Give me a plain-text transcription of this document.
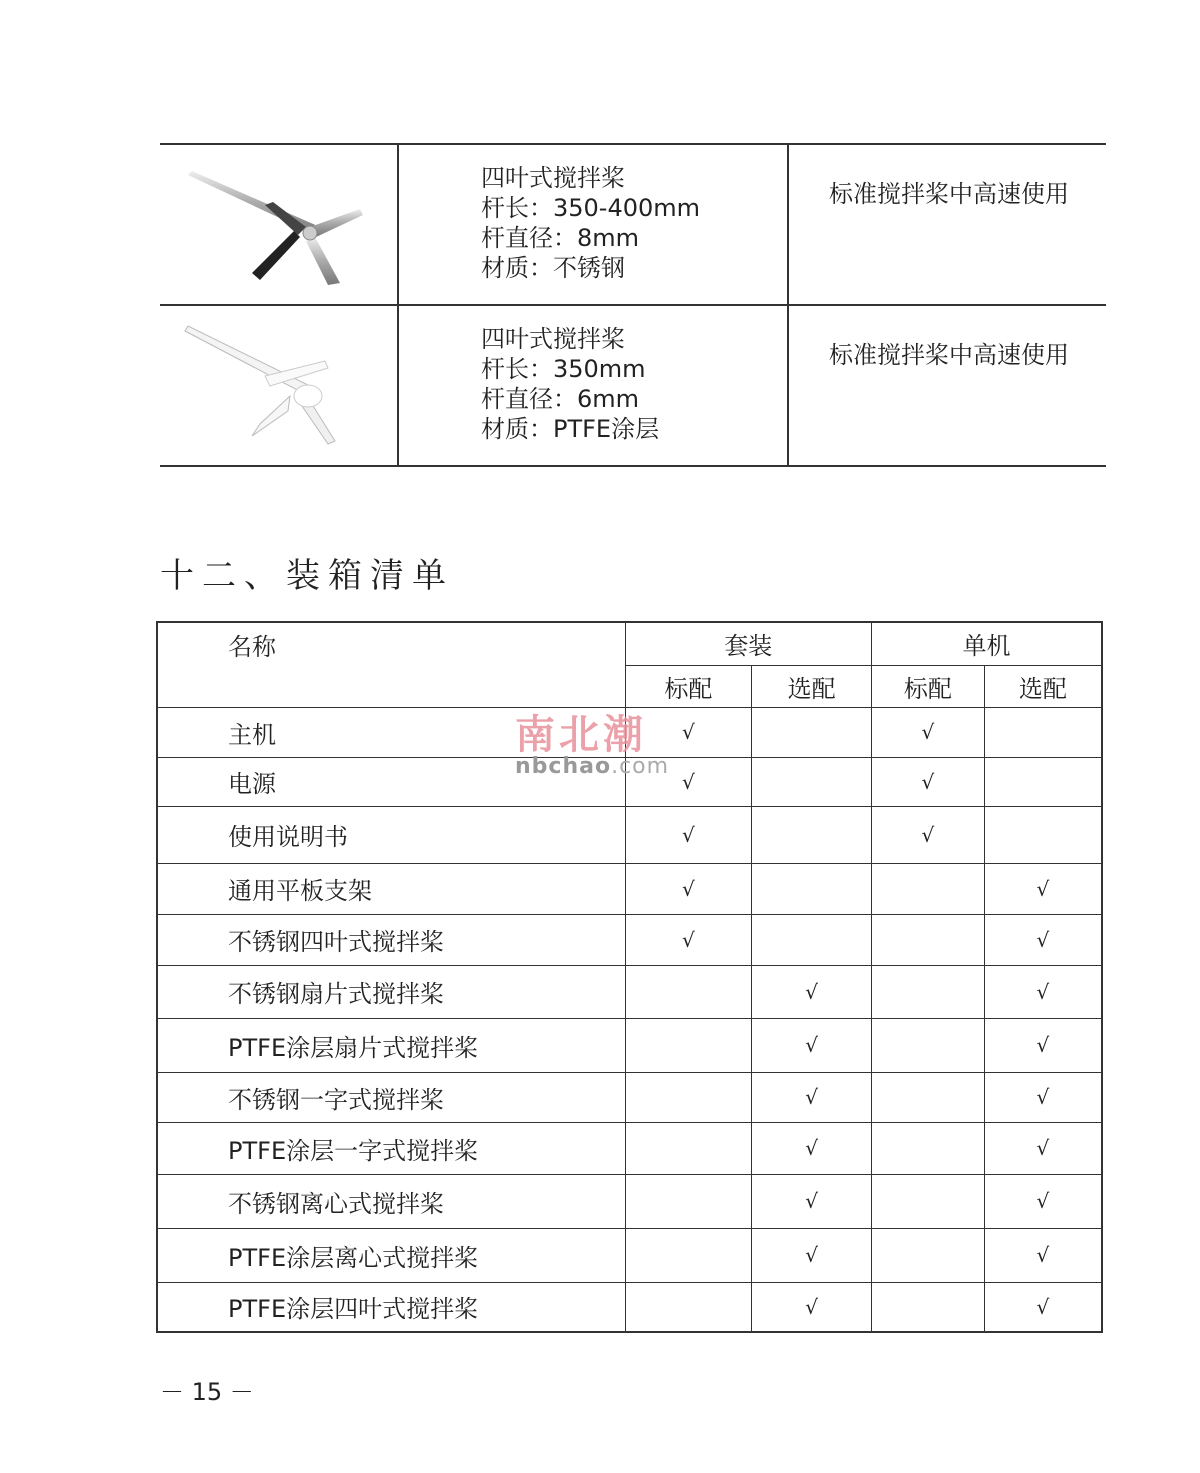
四叶式搅拌桨
杆长：350-400mm
杆直径：8mm
材质：不锈钢	标准搅拌桨中高速使用

四叶式搅拌桨
杆长：350mm
杆直径：6mm
材质：PTFE涂层	标准搅拌桨中高速使用
十二、装箱清单
名称	套装		单机	
	标配	选配	标配	选配
主机	√		√	
电源	√		√	
使用说明书	√		√	
通用平板支架	√			√
不锈钢四叶式搅拌桨	√			√
不锈钢扇片式搅拌桨		√		√
PTFE涂层扇片式搅拌桨		√		√
不锈钢一字式搅拌桨		√		√
PTFE涂层一字式搅拌桨		√		√
不锈钢离心式搅拌桨		√		√
PTFE涂层离心式搅拌桨		√		√
PTFE涂层四叶式搅拌桨		√		√
南北潮
nbchao.com
－ 15 －
